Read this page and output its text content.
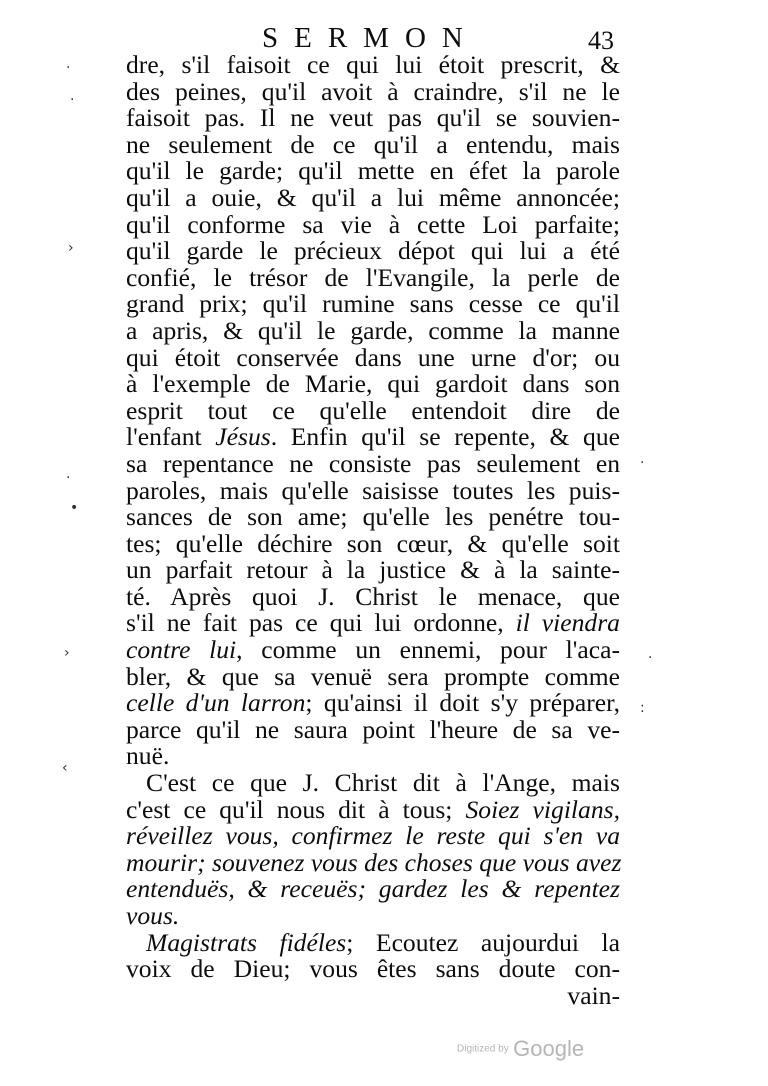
SERMON	43
dre, s'il faisoit ce qui lui étoit prescrit, &
des peines, qu'il avoit à craindre, s'il ne le
faisoit pas. Il ne veut pas qu'il se souvien-
ne seulement de ce qu'il a entendu, mais
qu'il le garde; qu'il mette en éfet la parole
qu'il a ouie, & qu'il a lui même annoncée;
qu'il conforme sa vie à cette Loi parfaite;
qu'il garde le précieux dépot qui lui a été
confié, le trésor de l'Evangile, la perle de
grand prix; qu'il rumine sans cesse ce qu'il
a apris, & qu'il le garde, comme la manne
qui étoit conservée dans une urne d'or; ou
à l'exemple de Marie, qui gardoit dans son
esprit tout ce qu'elle entendoit dire de
l'enfant Jésus. Enfin qu'il se repente, & que
sa repentance ne consiste pas seulement en
paroles, mais qu'elle saisisse toutes les puis-
sances de son ame; qu'elle les penétre tou-
tes; qu'elle déchire son cœur, & qu'elle soit
un parfait retour à la justice & à la sainte-
té. Après quoi J. Christ le menace, que
s'il ne fait pas ce qui lui ordonne, il viendra
contre lui, comme un ennemi, pour l'aca-
bler, & que sa venuë sera prompte comme
celle d'un larron; qu'ainsi il doit s'y préparer,
parce qu'il ne saura point l'heure de sa ve-
nuë.
C'est ce que J. Christ dit à l'Ange, mais
c'est ce qu'il nous dit à tous; Soiez vigilans,
réveillez vous, confirmez le reste qui s'en va
mourir; souvenez vous des choses que vous avez
entenduës, & receuës; gardez les & repentez
vous.
Magistrats fidéles; Ecoutez aujourdui la
voix de Dieu; vous êtes sans doute con-
vain-
·
·
›
·
•
›
‹
·
·
:
Digitized by Google
